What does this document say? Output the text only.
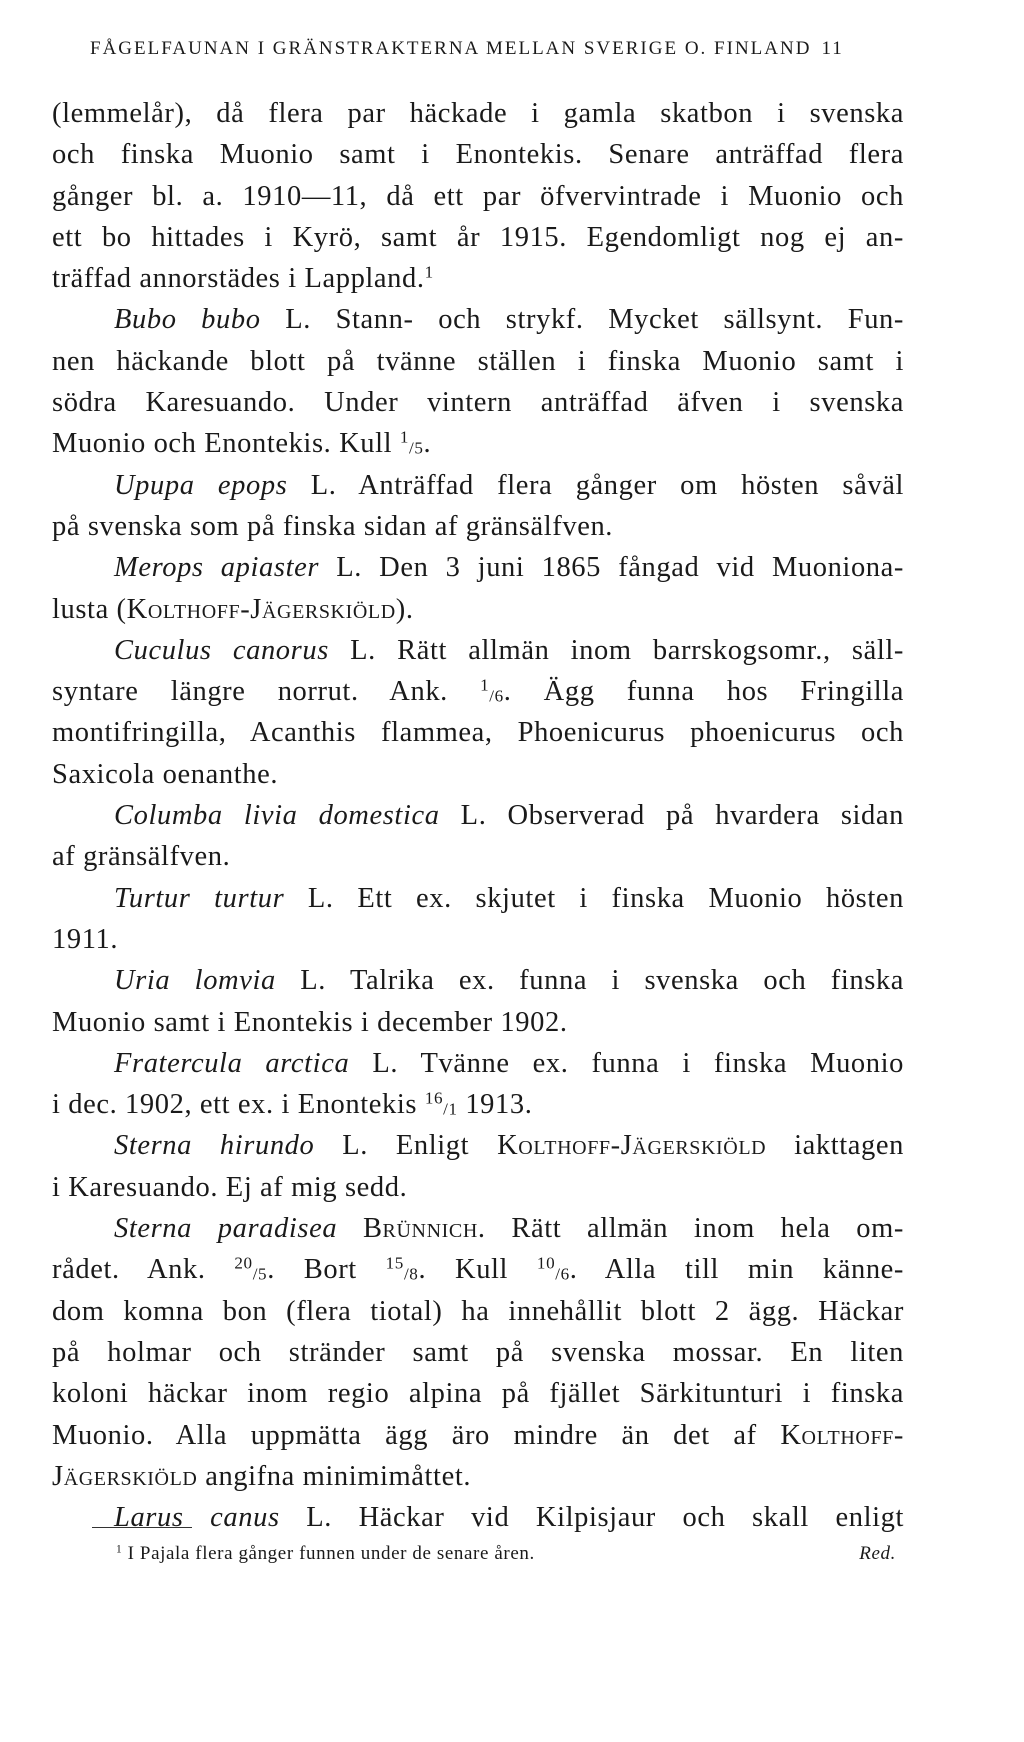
FÅGELFAUNAN I GRÄNSTRAKTERNA MELLAN SVERIGE O. FINLAND 11
(lemmelår), då flera par häckade i gamla skatbon i svenska
och finska Muonio samt i Enontekis. Senare anträffad flera
gånger bl. a. 1910—11, då ett par öfvervintrade i Muonio och
ett bo hittades i Kyrö, samt år 1915. Egendomligt nog ej an-
träffad annorstädes i Lappland.$^1$
Bubo bubo L. Stann- och strykf. Mycket sällsynt. Fun-
nen häckande blott på tvänne ställen i finska Muonio samt i
södra Karesuando. Under vintern anträffad äfven i svenska
Muonio och Enontekis. Kull $^1_{/5}$.
Upupa epops L. Anträffad flera gånger om hösten såväl
på svenska som på finska sidan af gränsälfven.
Merops apiaster L. Den 3 juni 1865 fångad vid Muoniona-
lusta (Kolthoff-Jägerskiöld).
Cuculus canorus L. Rätt allmän inom barrskogsomr., säll-
syntare längre norrut. Ank. $^1_{/6}$. Ägg funna hos Fringilla
montifringilla, Acanthis flammea, Phoenicurus phoenicurus och
Saxicola oenanthe.
Columba livia domestica L. Observerad på hvardera sidan
af gränsälfven.
Turtur turtur L. Ett ex. skjutet i finska Muonio hösten
1911.
Uria lomvia L. Talrika ex. funna i svenska och finska
Muonio samt i Enontekis i december 1902.
Fratercula arctica L. Tvänne ex. funna i finska Muonio
i dec. 1902, ett ex. i Enontekis $^{16}_{/1}$ 1913.
Sterna hirundo L. Enligt Kolthoff-Jägerskiöld iakttagen
i Karesuando. Ej af mig sedd.
Sterna paradisea Brünnich. Rätt allmän inom hela om-
rådet. Ank. $^{20}_{/5}$. Bort $^{15}_{/8}$. Kull $^{10}_{/6}$. Alla till min känne-
dom komna bon (flera tiotal) ha innehållit blott 2 ägg. Häckar
på holmar och stränder samt på svenska mossar. En liten
koloni häckar inom regio alpina på fjället Särkitunturi i finska
Muonio. Alla uppmätta ägg äro mindre än det af Kolthoff-
Jägerskiöld angifna minimimåttet.
Larus canus L. Häckar vid Kilpisjaur och skall enligt
$^1$ I Pajala flera gånger funnen under de senare åren.	Red.
